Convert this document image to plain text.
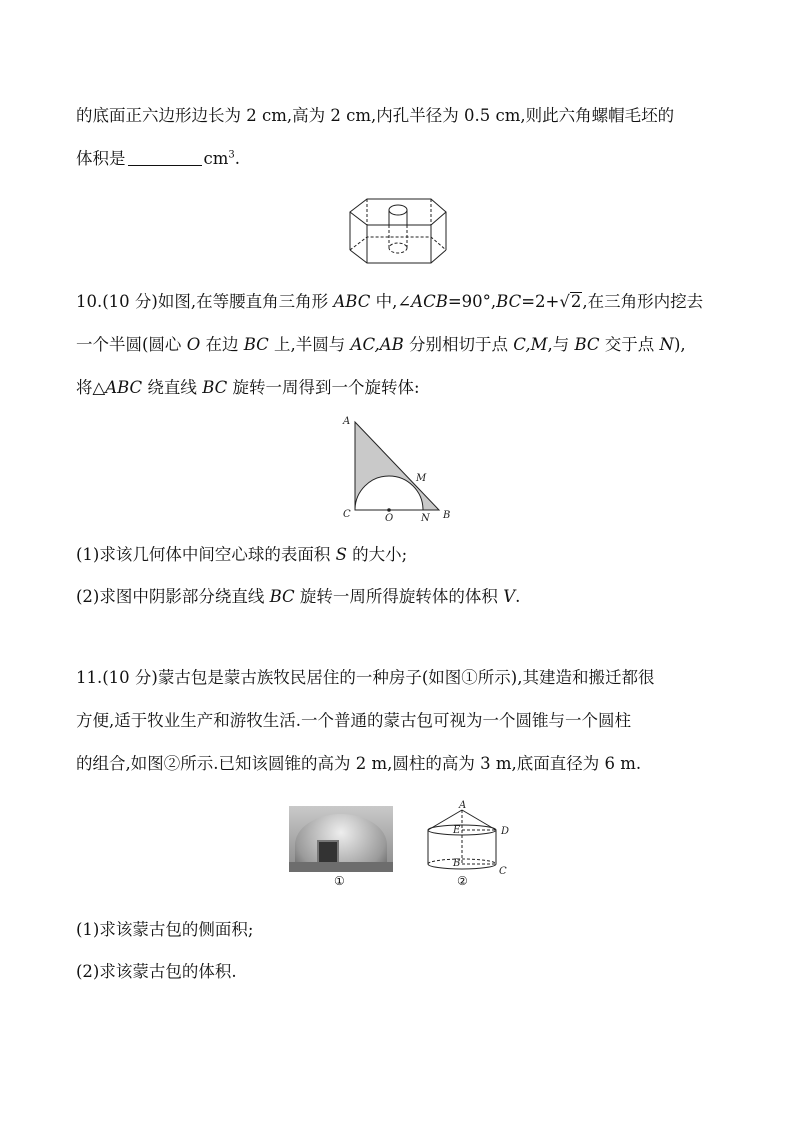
的底面正六边形边长为 2 cm,高为 2 cm,内孔半径为 0.5 cm,则此六角螺帽毛坯的
体积是	$cm^3$.
10.(10 分)如图,在等腰直角三角形 ABC 中,∠ACB=90°,BC=2+√2,在三角形内挖去
一个半圆(圆心 O 在边 BC 上,半圆与 AC,AB 分别相切于点 C,M,与 BC 交于点 N),
将△ABC 绕直线 BC 旋转一周得到一个旋转体:
A
C	O	N B
M
(1)求该几何体中间空心球的表面积 S 的大小;
(2)求图中阴影部分绕直线 BC 旋转一周所得旋转体的体积 V.
11.(10 分)蒙古包是蒙古族牧民居住的一种房子(如图①所示),其建造和搬迁都很
方便,适于牧业生产和游牧生活.一个普通的蒙古包可视为一个圆锥与一个圆柱
的组合,如图②所示.已知该圆锥的高为 2 m,圆柱的高为 3 m,底面直径为 6 m.
①
A
E	D
B
C
②
(1)求该蒙古包的侧面积;
(2)求该蒙古包的体积.
